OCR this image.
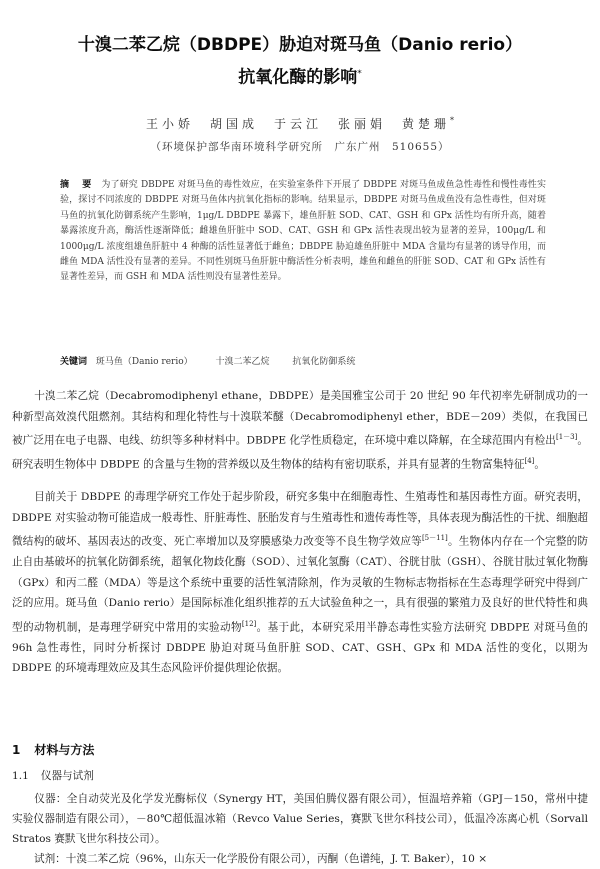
十溴二苯乙烷（DBDPE）胁迫对斑马鱼（Danio rerio）
抗氧化酶的影响*
王小娇　胡国成　于云江　张丽娟　黄楚珊*
（环境保护部华南环境科学研究所　广东广州　510655）
摘　要 为了研究 DBDPE 对斑马鱼的毒性效应，在实验室条件下开展了 DBDPE 对斑马鱼成鱼急性毒性和慢性毒性实验，探讨不同浓度的 DBDPE 对斑马鱼体内抗氧化指标的影响。结果显示，DBDPE 对斑马鱼成鱼没有急性毒性，但对斑马鱼的抗氧化防御系统产生影响，1μg/L DBDPE 暴露下，雄鱼肝脏 SOD、CAT、GSH 和 GPx 活性均有所升高，随着暴露浓度升高，酶活性逐渐降低；雌雄鱼肝脏中 SOD、CAT、GSH 和 GPx 活性表现出较为显著的差异，100μg/L 和 1000μg/L 浓度组雄鱼肝脏中 4 种酶的活性显著低于雌鱼；DBDPE 胁迫雄鱼肝脏中 MDA 含量均有显著的诱导作用，而雌鱼 MDA 活性没有显著的差异。不同性别斑马鱼肝脏中酶活性分析表明，雄鱼和雌鱼的肝脏 SOD、CAT 和 GPx 活性有显著性差异，而 GSH 和 MDA 活性则没有显著性差异。
关键词 斑马鱼（Danio rerio）	十溴二苯乙烷	抗氧化防御系统
十溴二苯乙烷（Decabromodiphenyl ethane，DBDPE）是美国雅宝公司于 20 世纪 90 年代初率先研制成功的一种新型高效溴代阻燃剂。其结构和理化特性与十溴联苯醚（Decabromodiphenyl ether，BDE－209）类似，在我国已被广泛用在电子电器、电线、纺织等多种材料中。DBDPE 化学性质稳定，在环境中难以降解，在全球范围内有检出[1－3]。研究表明生物体中 DBDPE 的含量与生物的营养级以及生物体的结构有密切联系，并具有显著的生物富集特征[4]。
目前关于 DBDPE 的毒理学研究工作处于起步阶段，研究多集中在细胞毒性、生殖毒性和基因毒性方面。研究表明，DBDPE 对实验动物可能造成一般毒性、肝脏毒性、胚胎发育与生殖毒性和遗传毒性等，具体表现为酶活性的干扰、细胞超微结构的破坏、基因表达的改变、死亡率增加以及穿膜感染力改变等不良生物学效应等[5－11]。生物体内存在一个完整的防止自由基破坏的抗氧化防御系统，超氧化物歧化酶（SOD）、过氧化氢酶（CAT）、谷胱甘肽（GSH）、谷胱甘肽过氧化物酶（GPx）和丙二醛（MDA）等是这个系统中重要的活性氧清除剂，作为灵敏的生物标志物指标在生态毒理学研究中得到广泛的应用。斑马鱼（Danio rerio）是国际标准化组织推荐的五大试验鱼种之一，具有很强的繁殖力及良好的世代特性和典型的动物机制，是毒理学研究中常用的实验动物[12]。基于此，本研究采用半静态毒性实验方法研究 DBDPE 对斑马鱼的 96h 急性毒性，同时分析探讨 DBDPE 胁迫对斑马鱼肝脏 SOD、CAT、GSH、GPx 和 MDA 活性的变化，以期为 DBDPE 的环境毒理效应及其生态风险评价提供理论依据。
1 材料与方法
1.1 仪器与试剂
仪器：全自动荧光及化学发光酶标仪（Synergy HT，美国伯腾仪器有限公司），恒温培养箱（GPJ－150，常州中捷实验仪器制造有限公司），－80℃超低温冰箱（Revco Value Series，赛默飞世尔科技公司），低温冷冻离心机（Sorvall Stratos 赛默飞世尔科技公司）。
试剂：十溴二苯乙烷（96%，山东天一化学股份有限公司），丙酮（色谱纯，J. T. Baker），10 ×
